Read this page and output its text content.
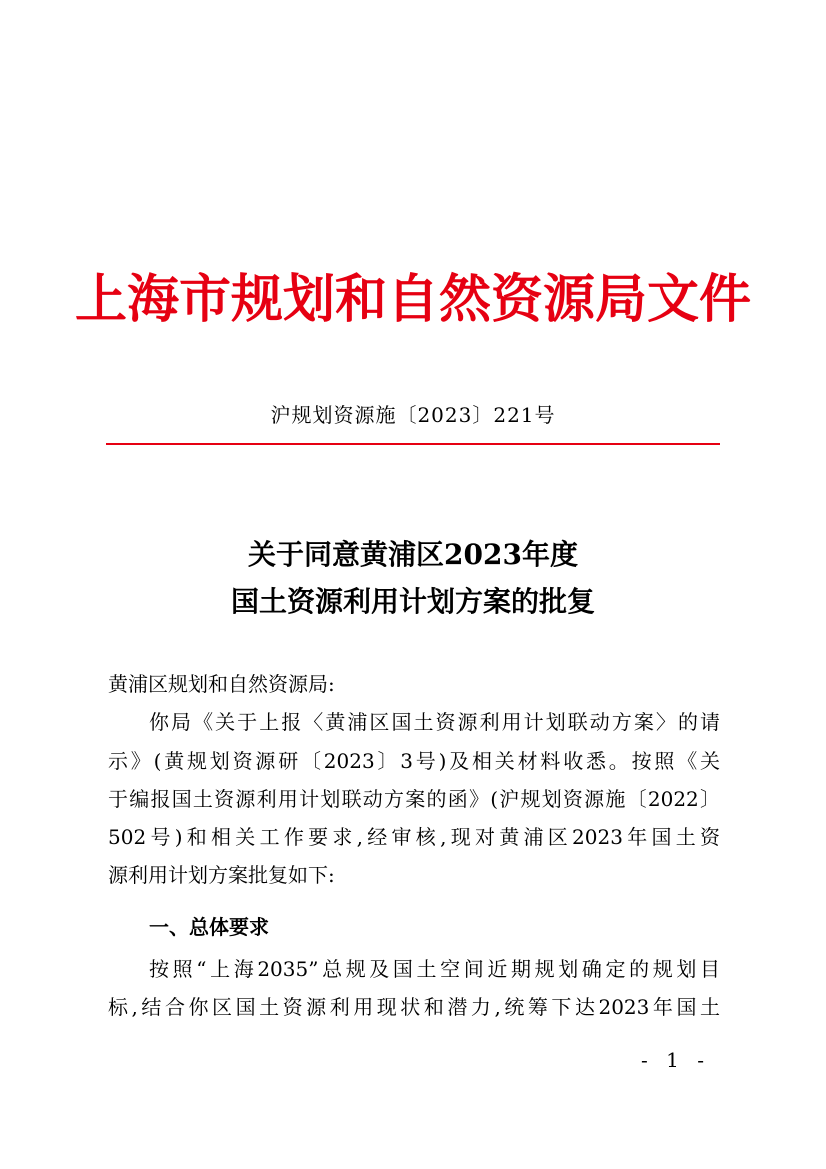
上海市规划和自然资源局文件
沪规划资源施〔2023〕221号
关于同意黄浦区2023年度
国土资源利用计划方案的批复
黄浦区规划和自然资源局:
你局《关于上报〈黄浦区国土资源利用计划联动方案〉的请
示》(黄规划资源研〔2023〕3号)及相关材料收悉。按照《关
于编报国土资源利用计划联动方案的函》(沪规划资源施〔2022〕
502号)和相关工作要求,经审核,现对黄浦区2023年国土资
源利用计划方案批复如下:
一、总体要求
按照“上海2035”总规及国土空间近期规划确定的规划目
标,结合你区国土资源利用现状和潜力,统筹下达2023年国土
- 1 -
